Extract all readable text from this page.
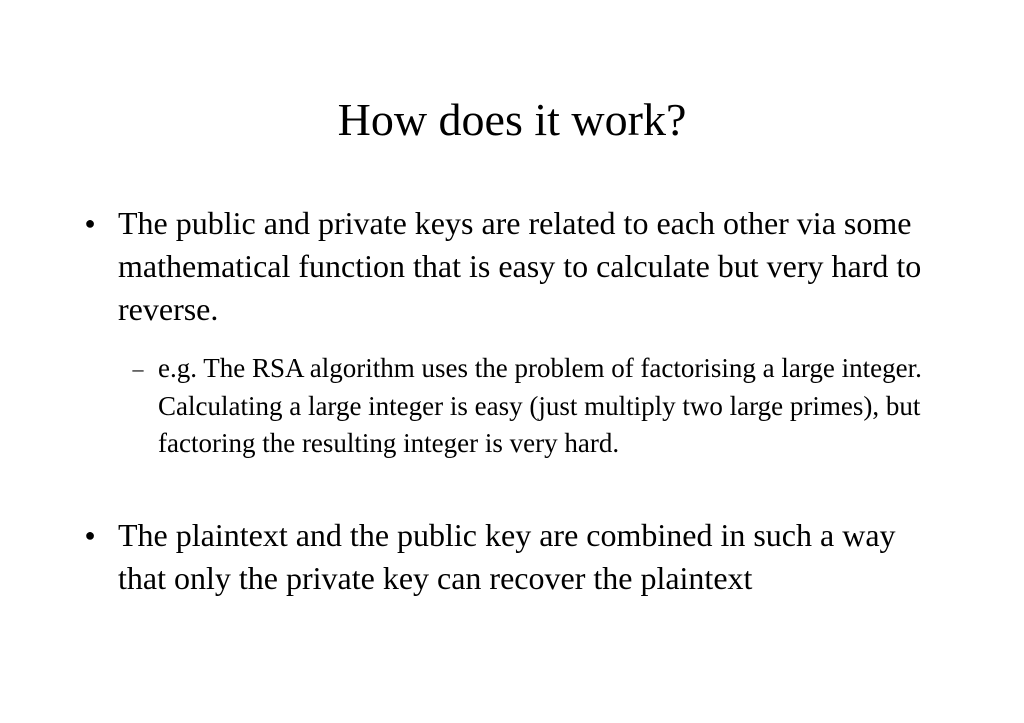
How does it work?
● The public and private keys are related to each other via some mathematical function that is easy to calculate but very hard to reverse.
– e.g. The RSA algorithm uses the problem of factorising a large integer. Calculating a large integer is easy (just multiply two large primes), but factoring the resulting integer is very hard.
● The plaintext and the public key are combined in such a way that only the private key can recover the plaintext
